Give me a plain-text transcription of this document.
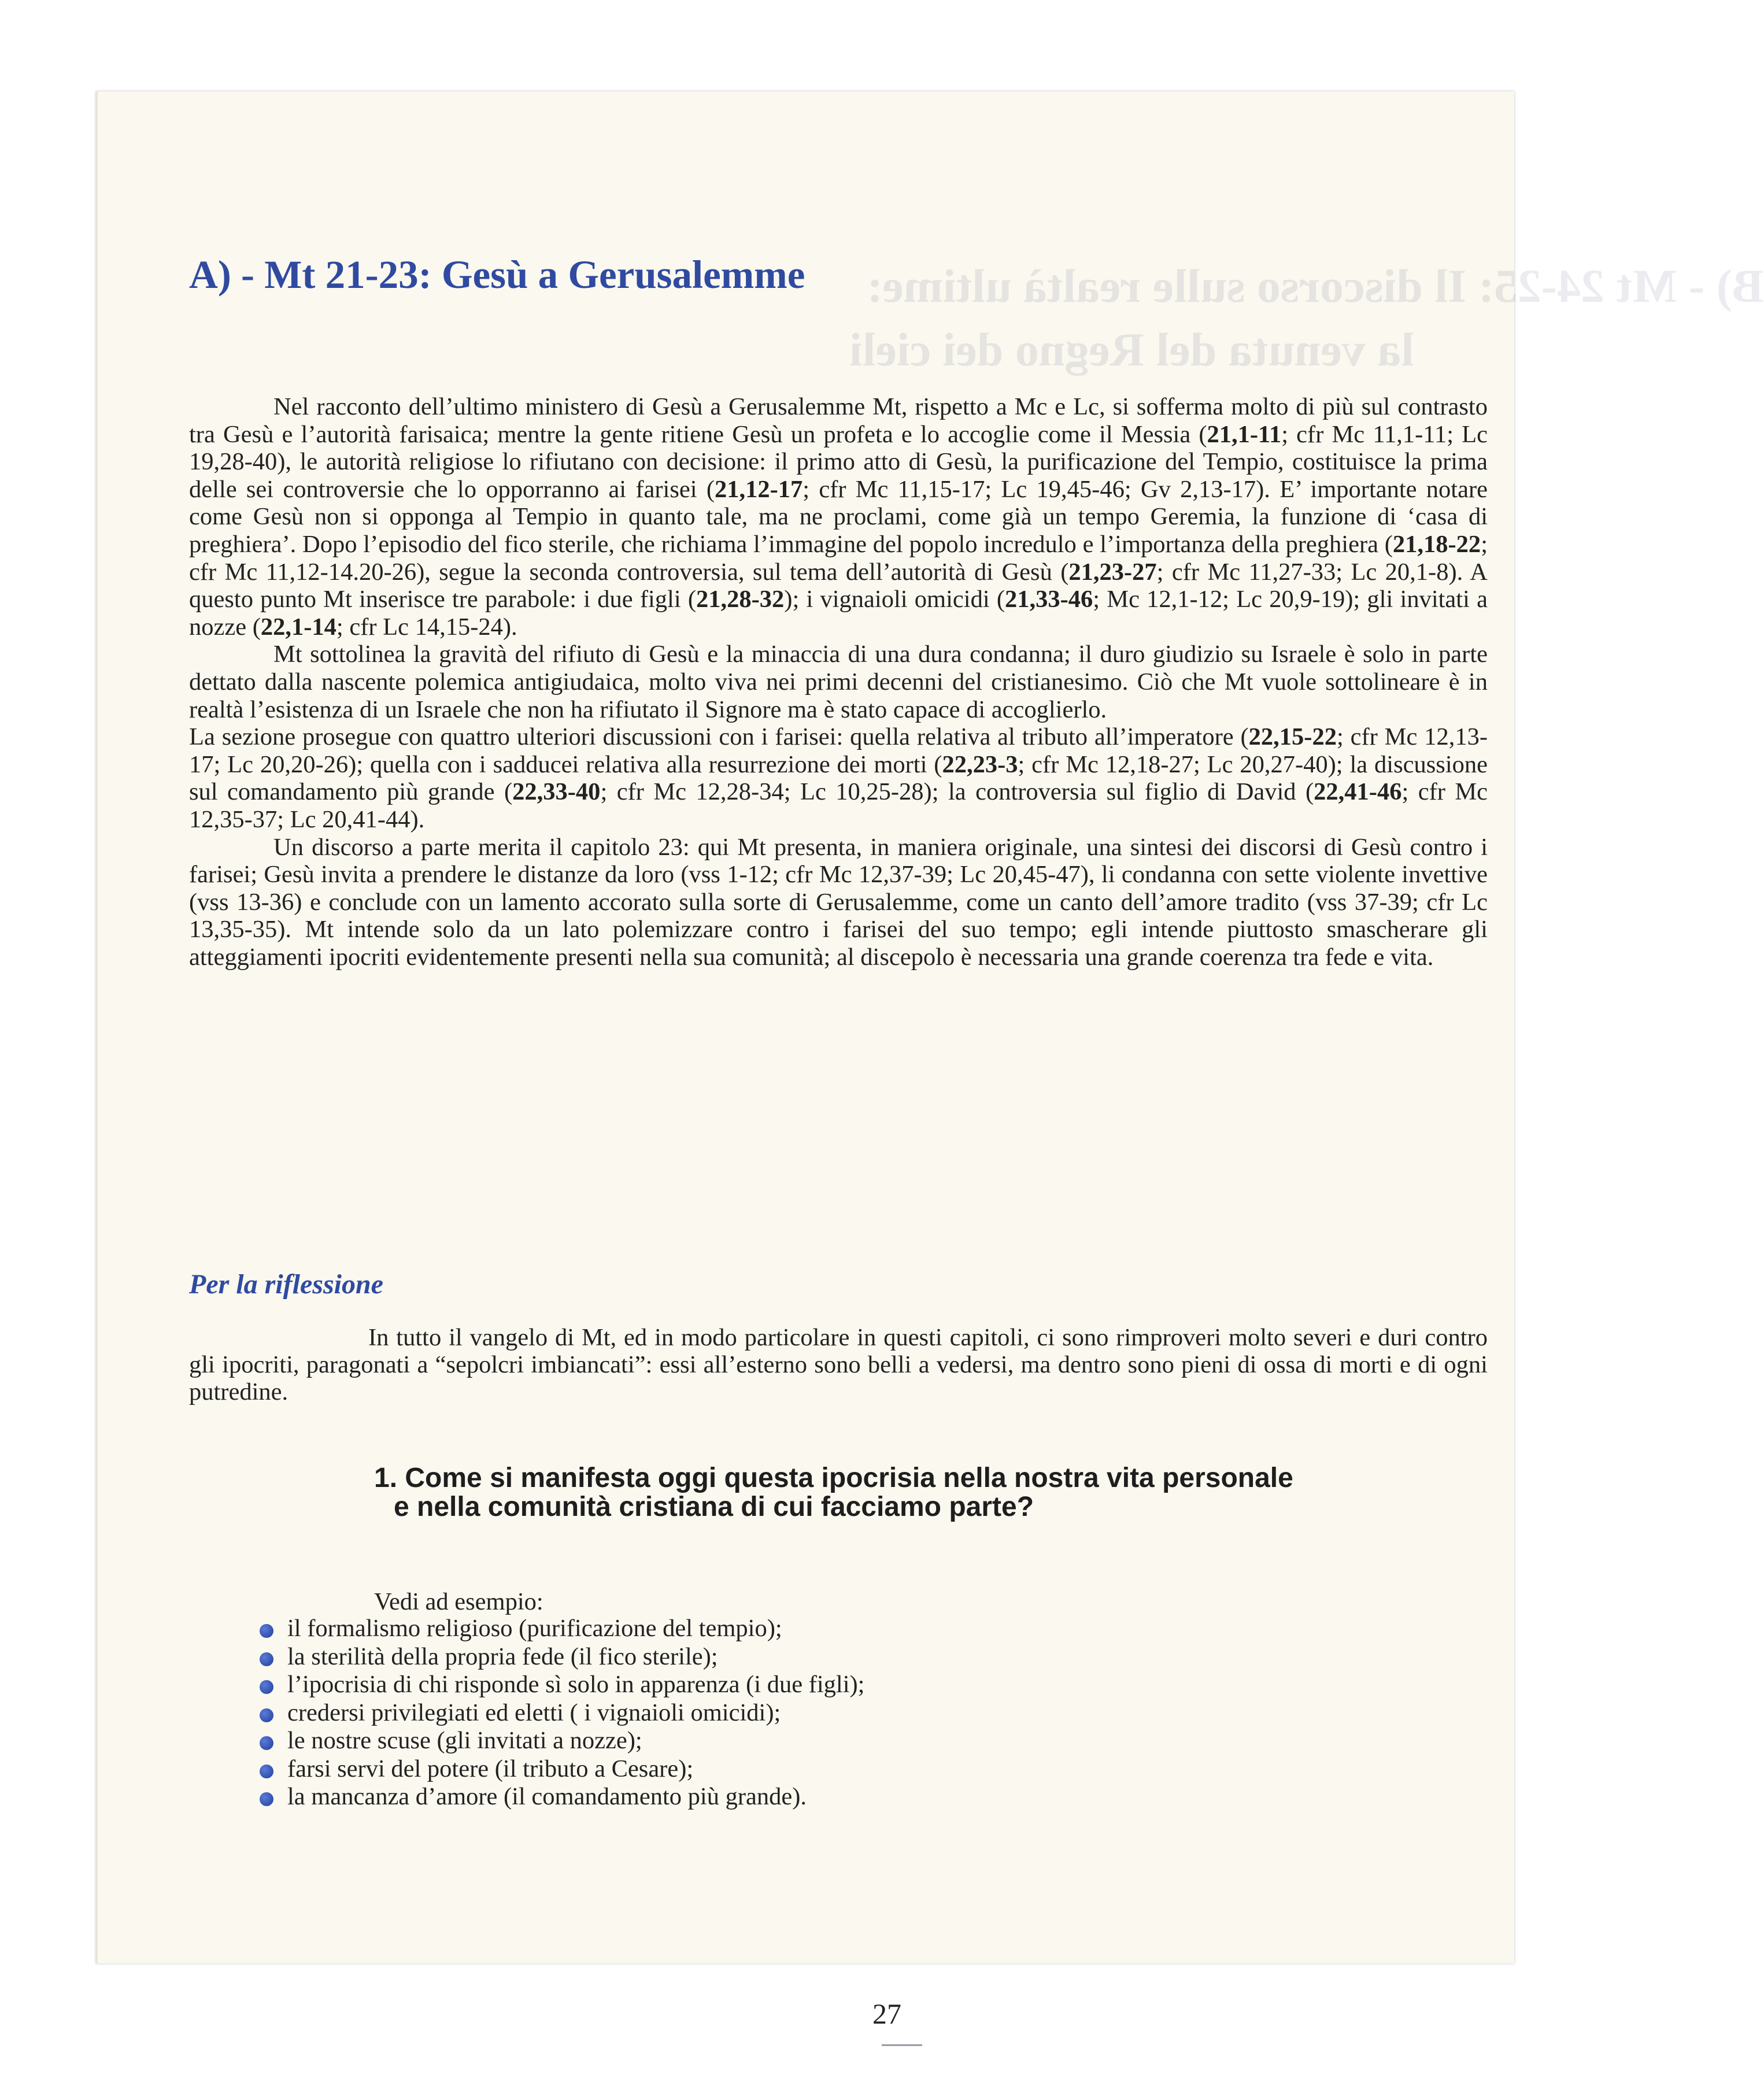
B) - Mt 24-25: Il discorso sulle realtà ultime:
la venuta del Regno dei cieli
A) - Mt 21-23: Gesù a Gerusalemme

Nel racconto dell’ultimo ministero di Gesù a Gerusalemme Mt, rispetto a Mc e Lc, si sofferma molto di più sul contrasto tra Gesù e l’autorità farisaica; mentre la gente ritiene Gesù un profeta e lo accoglie come il Messia (21,1-11; cfr Mc 11,1-11; Lc 19,28-40), le autorità religiose lo rifiutano con decisione: il primo atto di Gesù, la purificazione del Tempio, costituisce la prima delle sei controversie che lo opporranno ai farisei (21,12-17; cfr Mc 11,15-17; Lc 19,45-46; Gv 2,13-17). E’ importante notare come Gesù non si opponga al Tempio in quanto tale, ma ne proclami, come già un tempo Geremia, la funzione di ‘casa di preghiera’. Dopo l’episodio del fico sterile, che richiama l’immagine del popolo incredulo e l’importanza della preghiera (21,18-22; cfr Mc 11,12-14.20-26), segue la seconda controversia, sul tema dell’autorità di Gesù (21,23-27; cfr Mc 11,27-33; Lc 20,1-8). A questo punto Mt inserisce tre parabole: i due figli (21,28-32); i vignaioli omicidi (21,33-46; Mc 12,1-12; Lc 20,9-19); gli invitati a nozze (22,1-14; cfr Lc 14,15-24).

Mt sottolinea la gravità del rifiuto di Gesù e la minaccia di una dura condanna; il duro giudizio su Israele è solo in parte dettato dalla nascente polemica antigiudaica, molto viva nei primi decenni del cristianesimo. Ciò che Mt vuole sottolineare è in realtà l’esistenza di un Israele che non ha rifiutato il Signore ma è stato capace di accoglierlo.

La sezione prosegue con quattro ulteriori discussioni con i farisei: quella relativa al tributo all’imperatore (22,15-22; cfr Mc 12,13-17; Lc 20,20-26); quella con i sadducei relativa alla resurrezione dei morti (22,23-3; cfr Mc 12,18-27; Lc 20,27-40); la discussione sul comandamento più grande (22,33-40; cfr Mc 12,28-34; Lc 10,25-28); la controversia sul figlio di David (22,41-46; cfr Mc 12,35-37; Lc 20,41-44).

Un discorso a parte merita il capitolo 23: qui Mt presenta, in maniera originale, una sintesi dei discorsi di Gesù contro i farisei; Gesù invita a prendere le distanze da loro (vss 1-12; cfr Mc 12,37-39; Lc 20,45-47), li condanna con sette violente invettive (vss 13-36) e conclude con un lamento accorato sulla sorte di Gerusalemme, come un canto dell’amore tradito (vss 37-39; cfr Lc 13,35-35). Mt intende solo da un lato polemizzare contro i farisei del suo tempo; egli intende piuttosto smascherare gli atteggiamenti ipocriti evidentemente presenti nella sua comunità; al discepolo è necessaria una grande coerenza tra fede e vita.

Per la riflessione

In tutto il vangelo di Mt, ed in modo particolare in questi capitoli, ci sono rimproveri molto severi e duri contro gli ipocriti, paragonati a “sepolcri imbiancati”: essi all’esterno sono belli a vedersi, ma dentro sono pieni di ossa di morti e di ogni putredine.

1. Come si manifesta oggi questa ipocrisia nella nostra vita personale
e nella comunità cristiana di cui facciamo parte?

Vedi ad esempio:

il formalismo religioso (purificazione del tempio);
la sterilità della propria fede (il fico sterile);
l’ipocrisia di chi risponde sì solo in apparenza (i due figli);
credersi privilegiati ed eletti ( i vignaioli omicidi);
le nostre scuse (gli invitati a nozze);
farsi servi del potere (il tributo a Cesare);
la mancanza d’amore (il comandamento più grande).

27
